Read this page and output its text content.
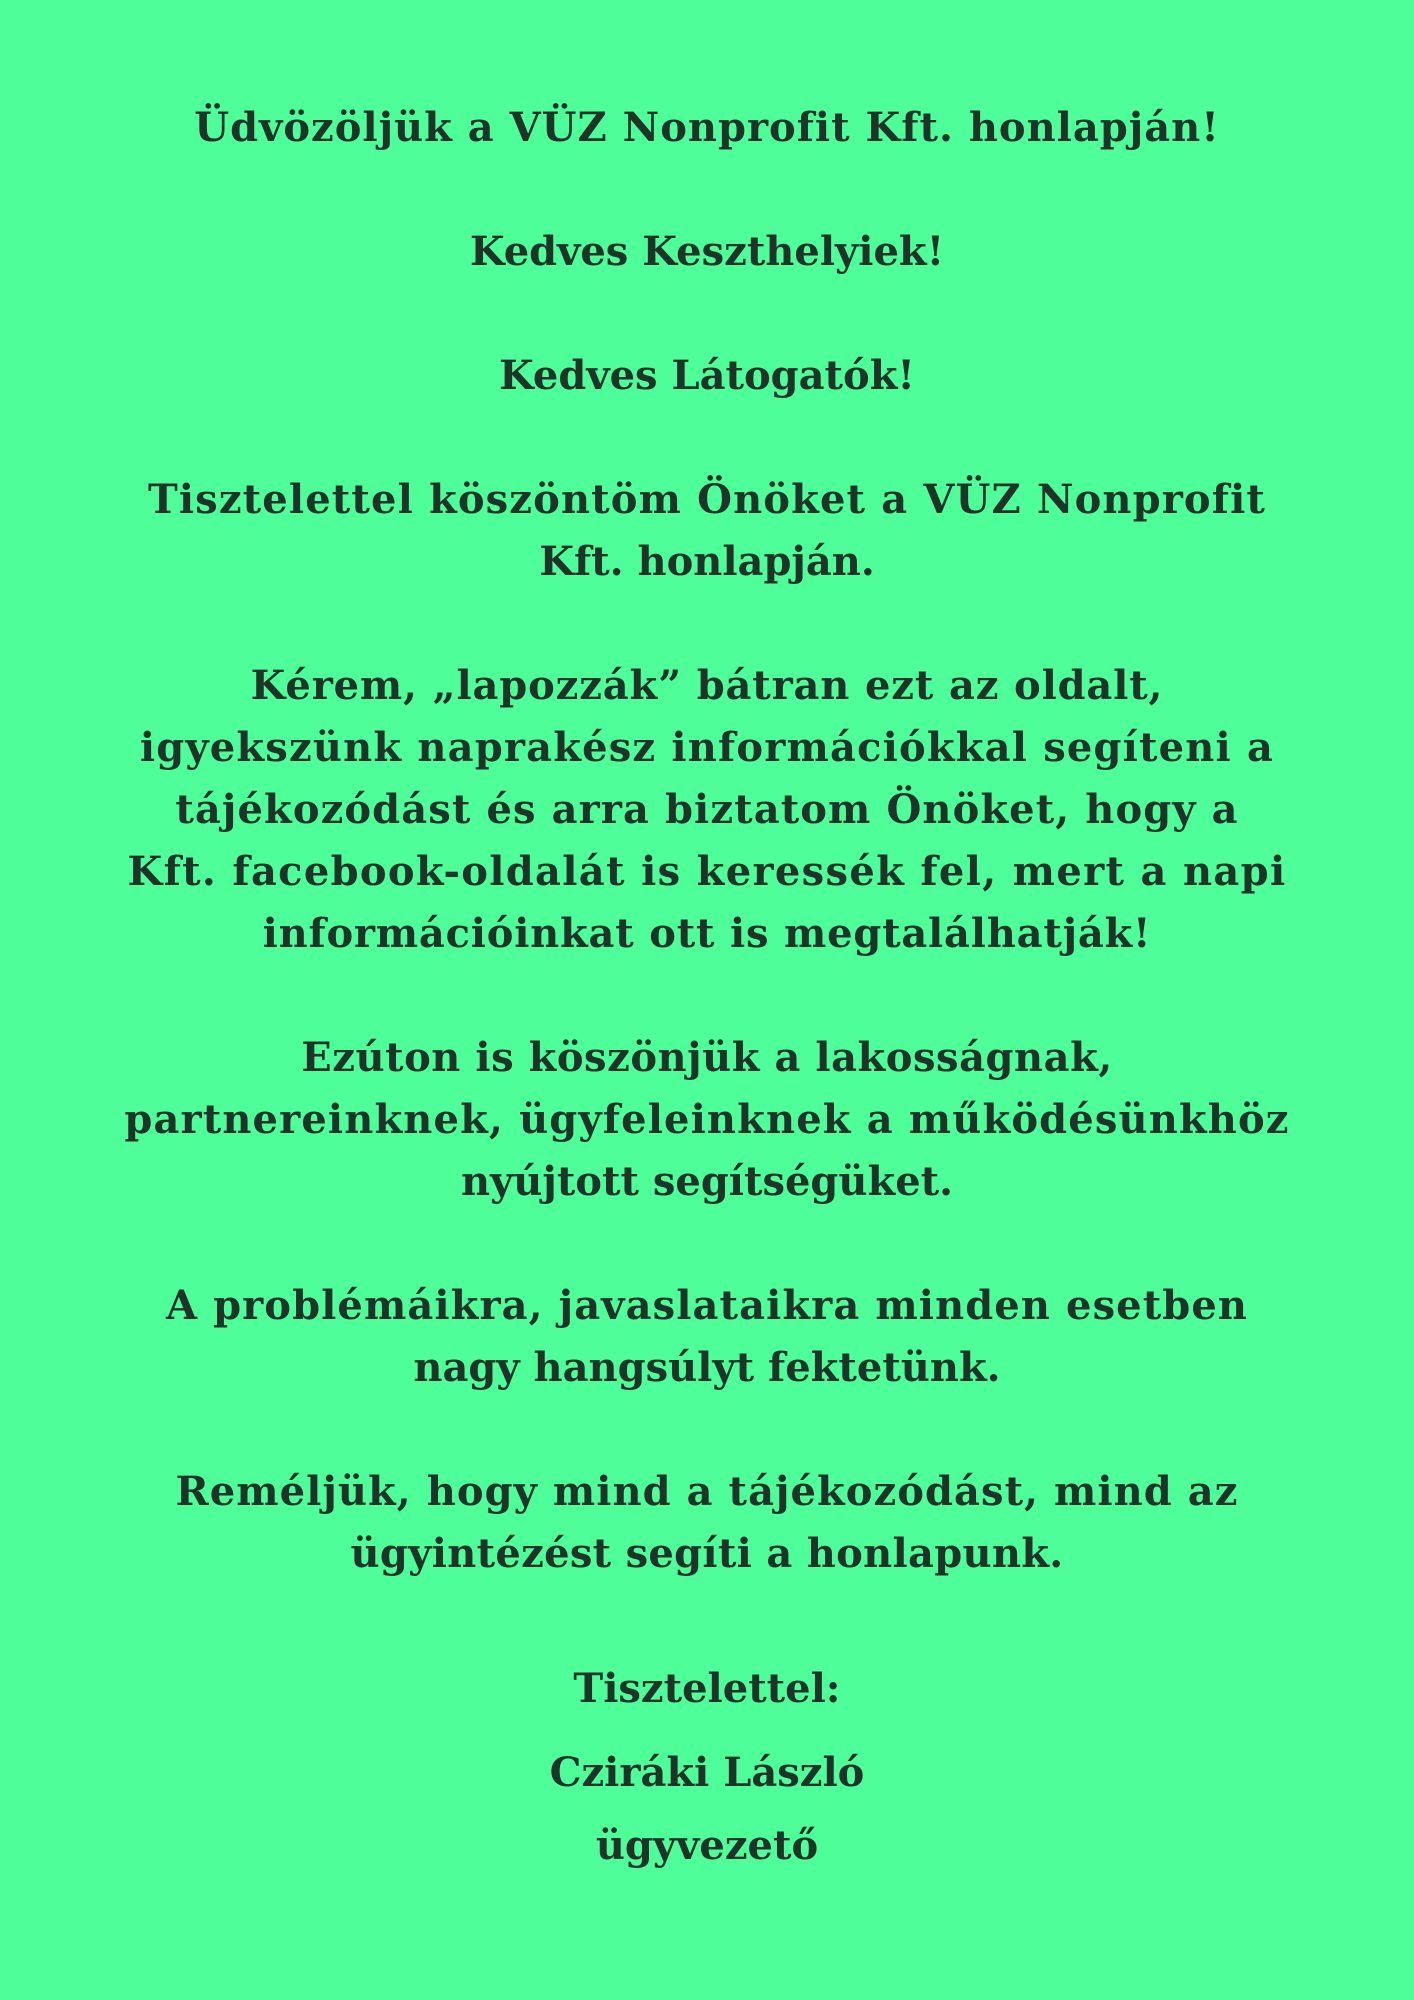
Üdvözöljük a VÜZ Nonprofit Kft. honlapján!

Kedves Keszthelyiek!

Kedves Látogatók!

Tisztelettel köszöntöm Önöket a VÜZ Nonprofit
Kft. honlapján.

Kérem, „lapozzák” bátran ezt az oldalt,
igyekszünk naprakész információkkal segíteni a
tájékozódást és arra biztatom Önöket, hogy a
Kft. facebook-oldalát is keressék fel, mert a napi
információinkat ott is megtalálhatják!

Ezúton is köszönjük a lakosságnak,
partnereinknek, ügyfeleinknek a működésünkhöz
nyújtott segítségüket.

A problémáikra, javaslataikra minden esetben
nagy hangsúlyt fektetünk.

Reméljük, hogy mind a tájékozódást, mind az
ügyintézést segíti a honlapunk.

Tisztelettel:
Cziráki László
ügyvezető
